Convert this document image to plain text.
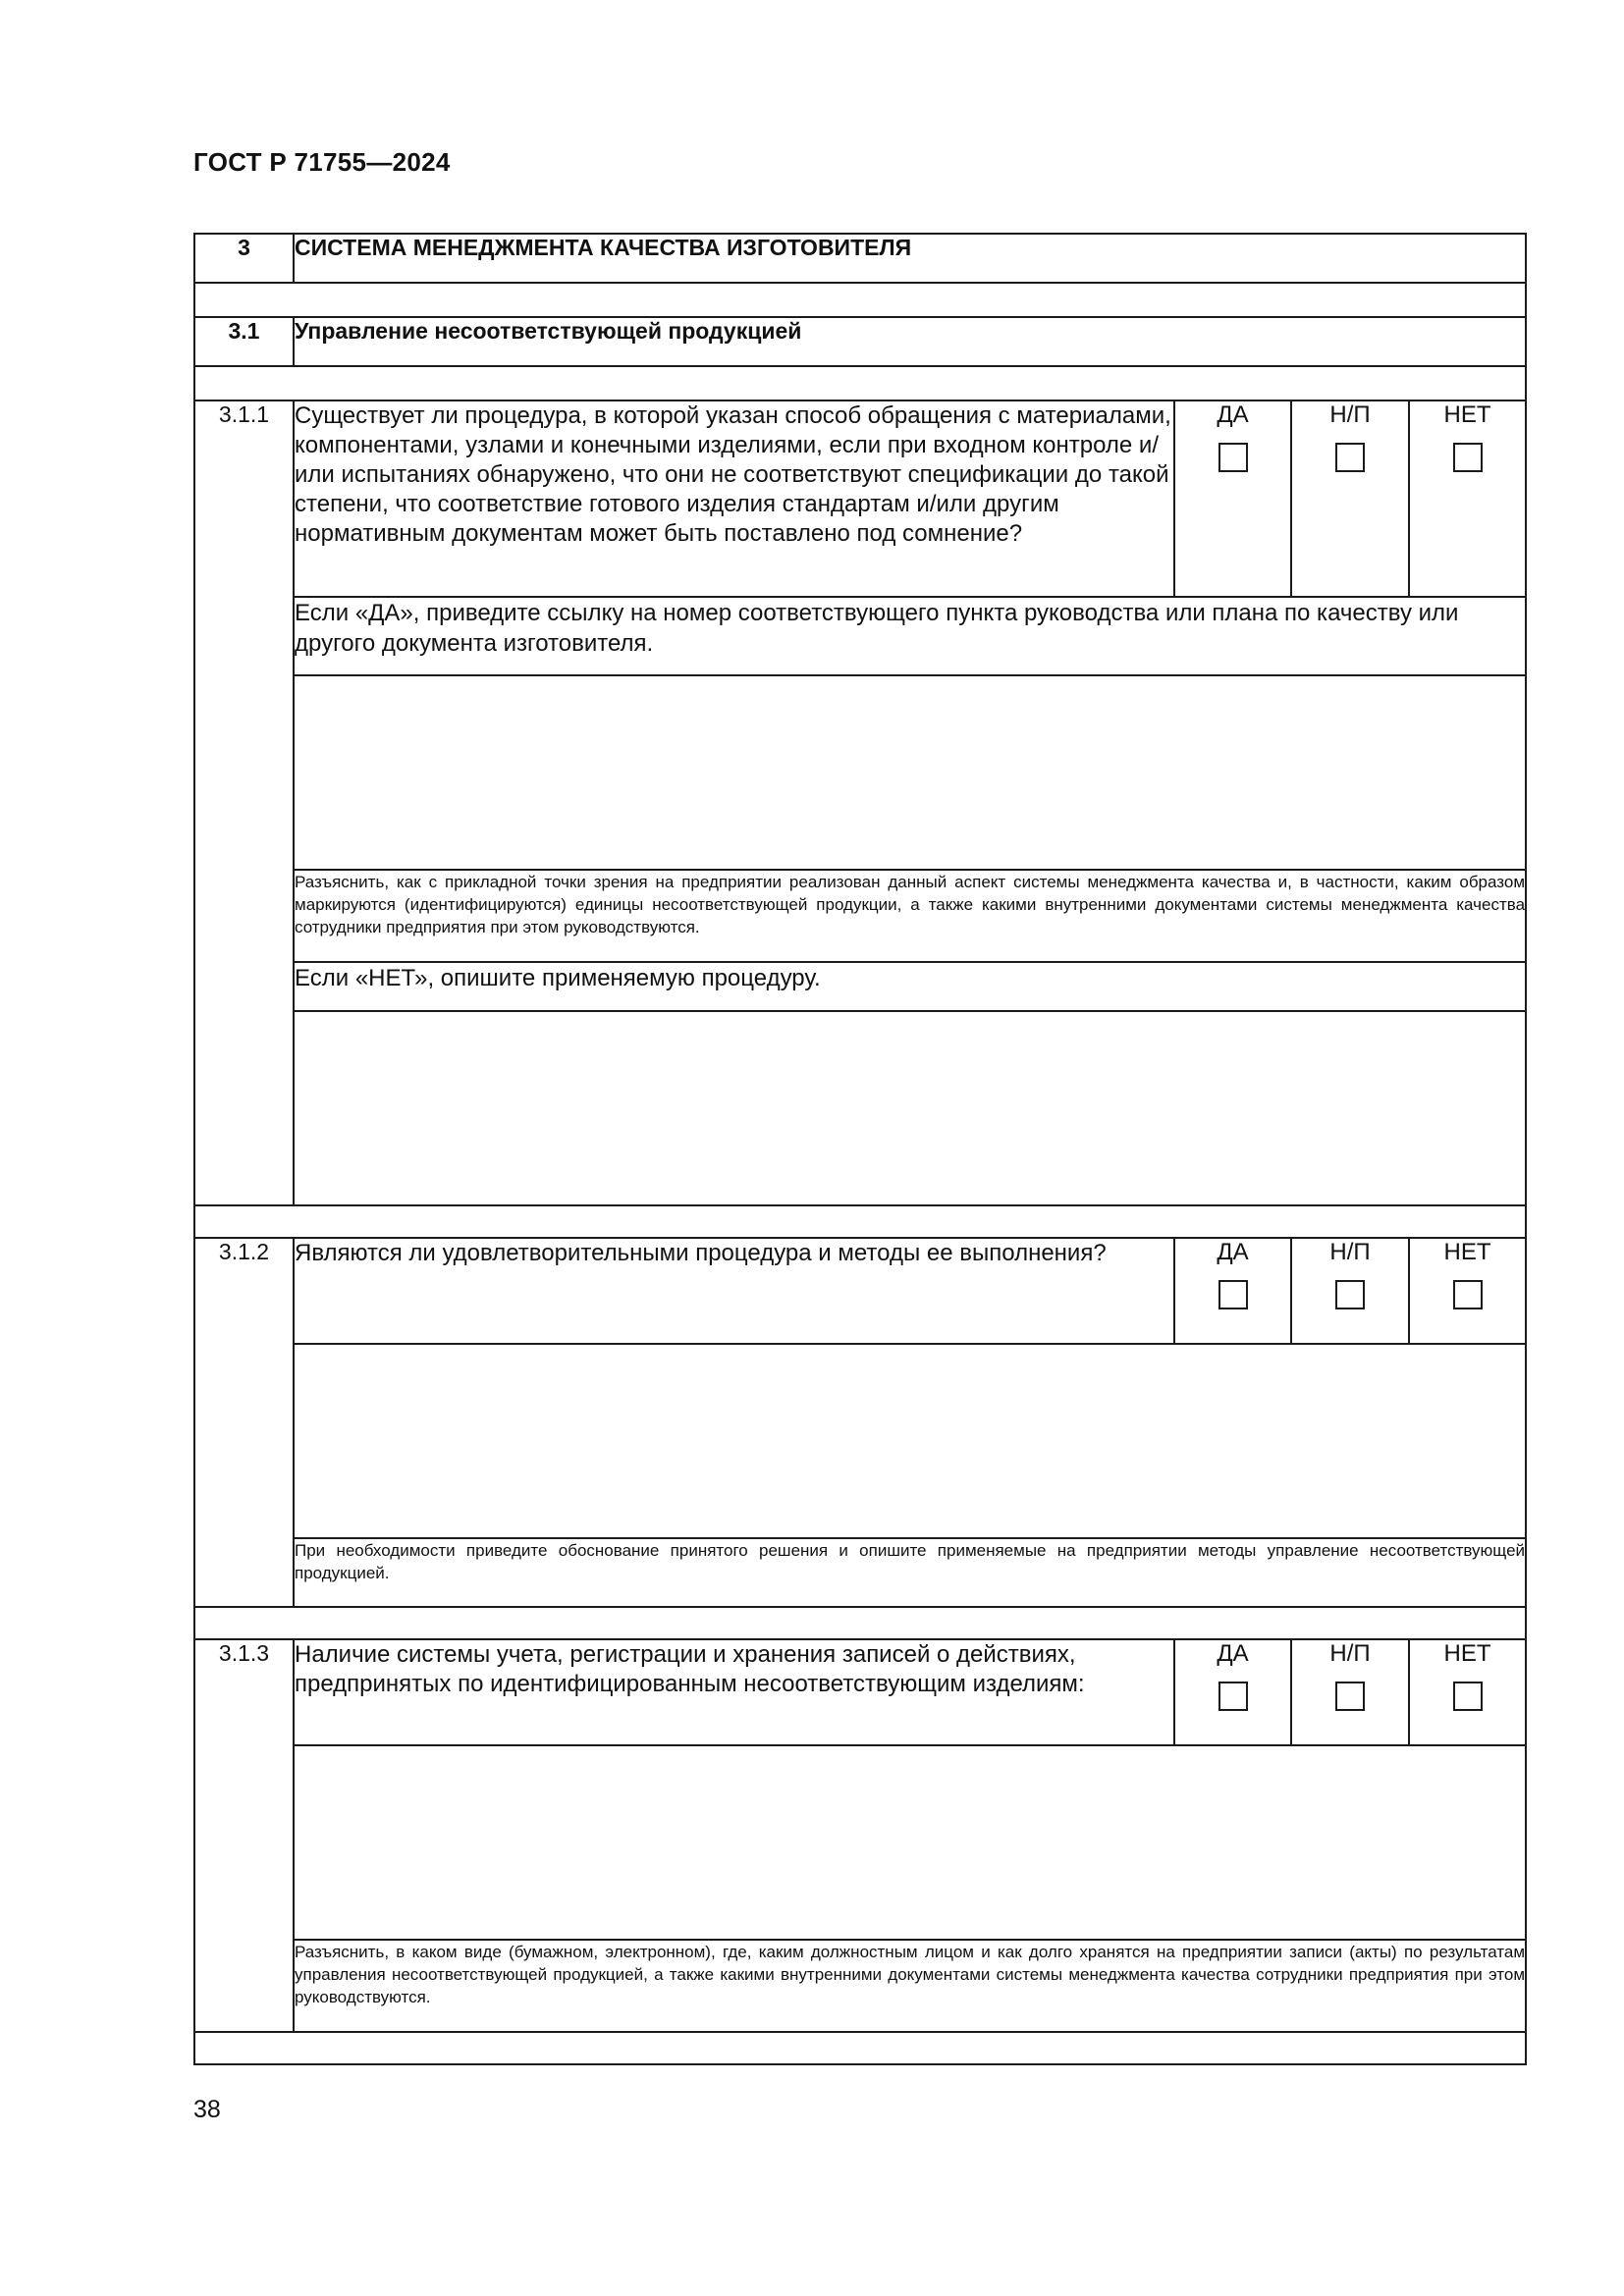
ГОСТ Р 71755—2024
3	СИСТЕМА МЕНЕДЖМЕНТА КАЧЕСТВА ИЗГОТОВИТЕЛЯ			

3.1	Управление несоответствующей продукцией			

3.1.1	Существует ли процедура, в которой указан способ обращения с материалами, компонентами, узлами и конечными изделиями, если при входном контроле и/или испытаниях обнаружено, что они не соответствуют спецификации до такой степени, что соответствие готового изделия стандартам и/или другим нормативным документам может быть поставлено под сомнение?	ДА	Н/П	НЕТ

	Если «ДА», приведите ссылку на номер соответствующего пункта руководства или плана по качеству или другого документа изготовителя.			

	Разъяснить, как с прикладной точки зрения на предприятии реализован данный аспект системы менеджмента качества и, в частности, каким образом маркируются (идентифицируются) единицы несоответствующей продукции, а также какими внутренними документами системы менеджмента качества сотрудники предприятия при этом руководствуются.			
	Если «НЕТ», опишите применяемую процедуру.			

3.1.2	Являются ли удовлетворительными процедура и методы ее выполнения?	ДА	Н/П	НЕТ

	При необходимости приведите обоснование принятого решения и опишите применяемые на предприятии методы управление несоответствующей продукцией.			

3.1.3	Наличие системы учета, регистрации и хранения записей о действиях, предпринятых по идентифицированным несоответствующим изделиям:	ДА	Н/П	НЕТ

	Разъяснить, в каком виде (бумажном, электронном), где, каким должностным лицом и как долго хранятся на предприятии записи (акты) по результатам управления несоответствующей продукцией, а также какими внутренними документами системы менеджмента качества сотрудники предприятия при этом руководствуются.			

38
